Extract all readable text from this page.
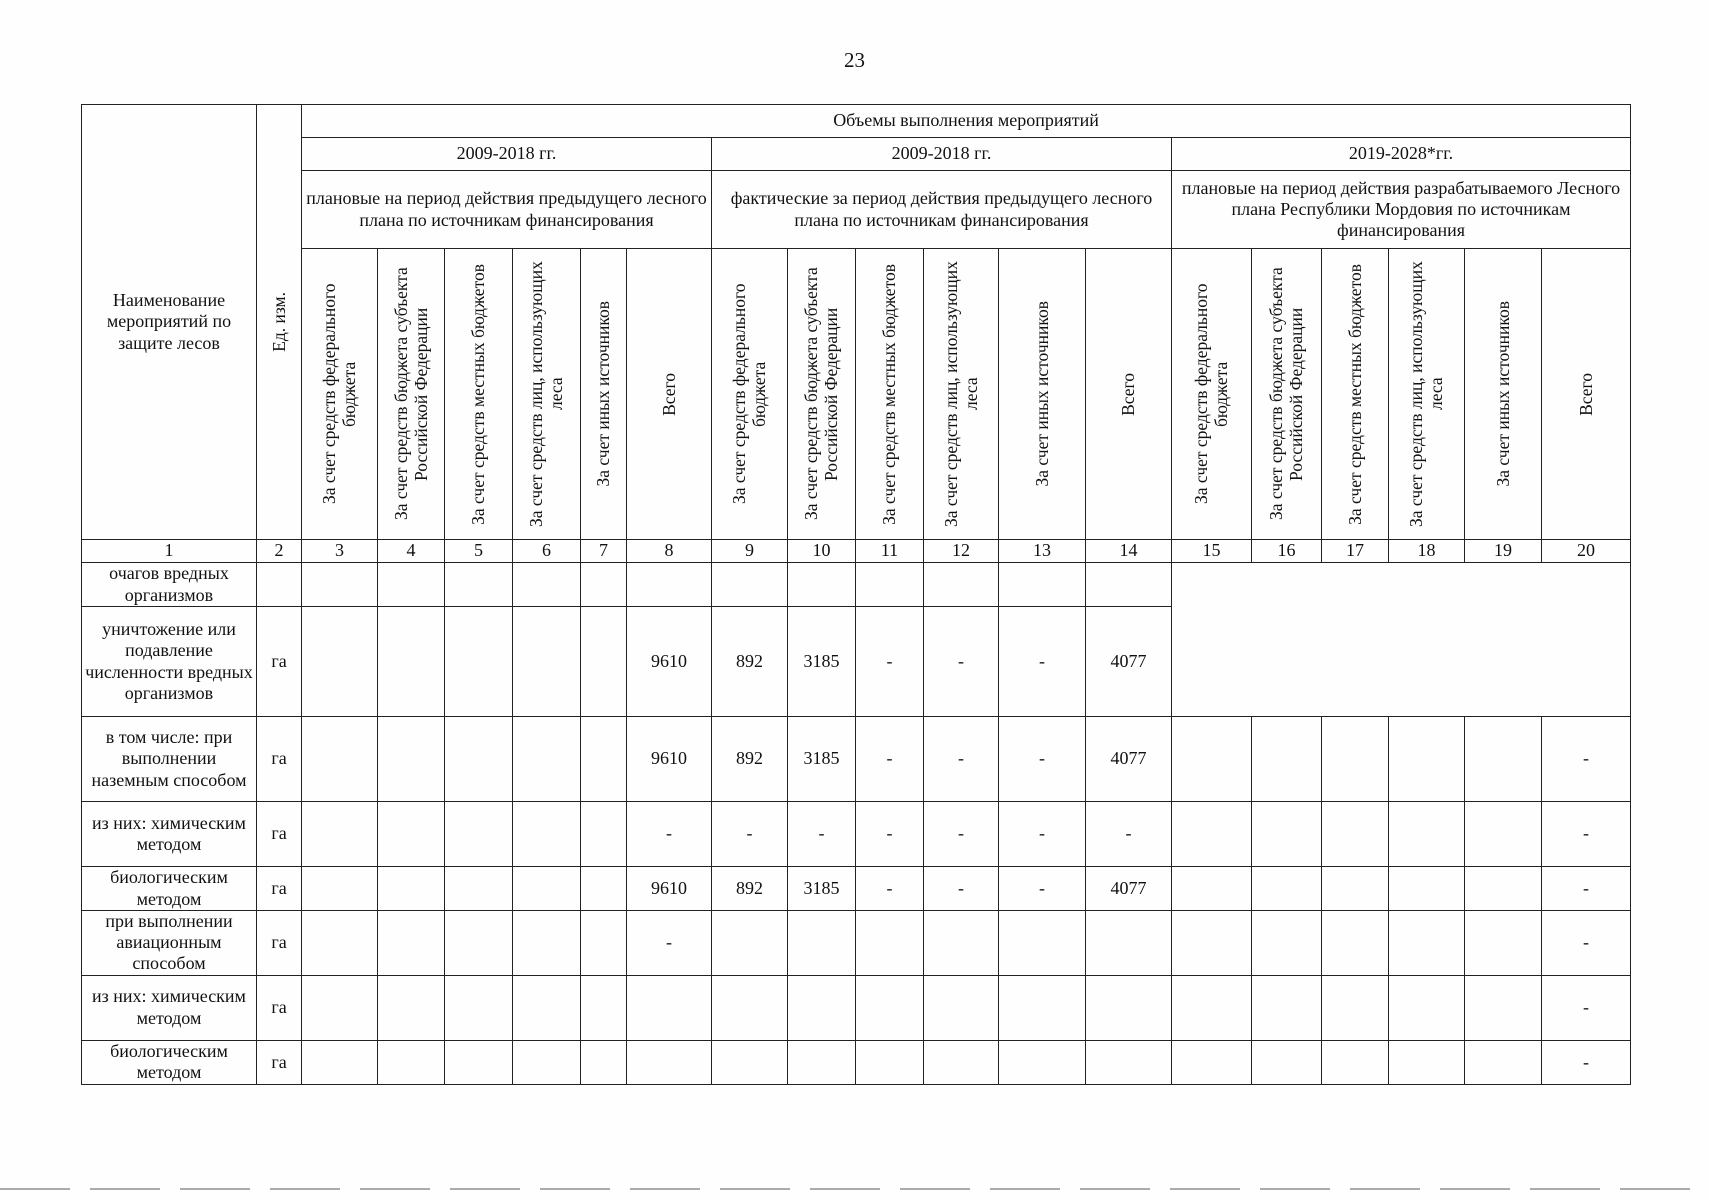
23
Наименование мероприятий по защите лесов	Ед. изм.	Объемы выполнения мероприятий																	
		2009-2018 гг.						2009-2018 гг.						2019-2028*гг.					
		плановые на период действия предыдущего лесного плана по источникам финансирования						фактические за период действия предыдущего лесного плана по источникам финансирования						плановые на период действия разрабатываемого Лесного плана Республики Мордовия по источникам финансирования					

		За счет средств федерального бюджета	За счет средств бюджета субъекта Российской Федерации	За счет средств местных бюджетов	За счет средств лиц, использующих леса	За счет иных источников	Всего	За счет средств федерального бюджета	За счет средств бюджета субъекта Российской Федерации	За счет средств местных бюджетов	За счет средств лиц, использующих леса	За счет иных источников	Всего	За счет средств федерального бюджета	За счет средств бюджета субъекта Российской Федерации	За счет средств местных бюджетов	За счет средств лиц, использующих леса	За счет иных источников	Всего

1	2	3	4	5	6	7	8	9	10	11	12	13	14	15	16	17	18	19	20
очагов вредных организмов																			
уничтожение или подавление численности вредных организмов	га						9610	892	3185	-	-	-	4077						
в том числе: при выполнении наземным способом	га						9610	892	3185	-	-	-	4077						-
из них: химическим методом	га						-	-	-	-	-	-	-						-
биологическим методом	га						9610	892	3185	-	-	-	4077						-
при выполнении авиационным способом	га						-												-
из них: химическим методом	га																		-
биологическим методом	га																		-
